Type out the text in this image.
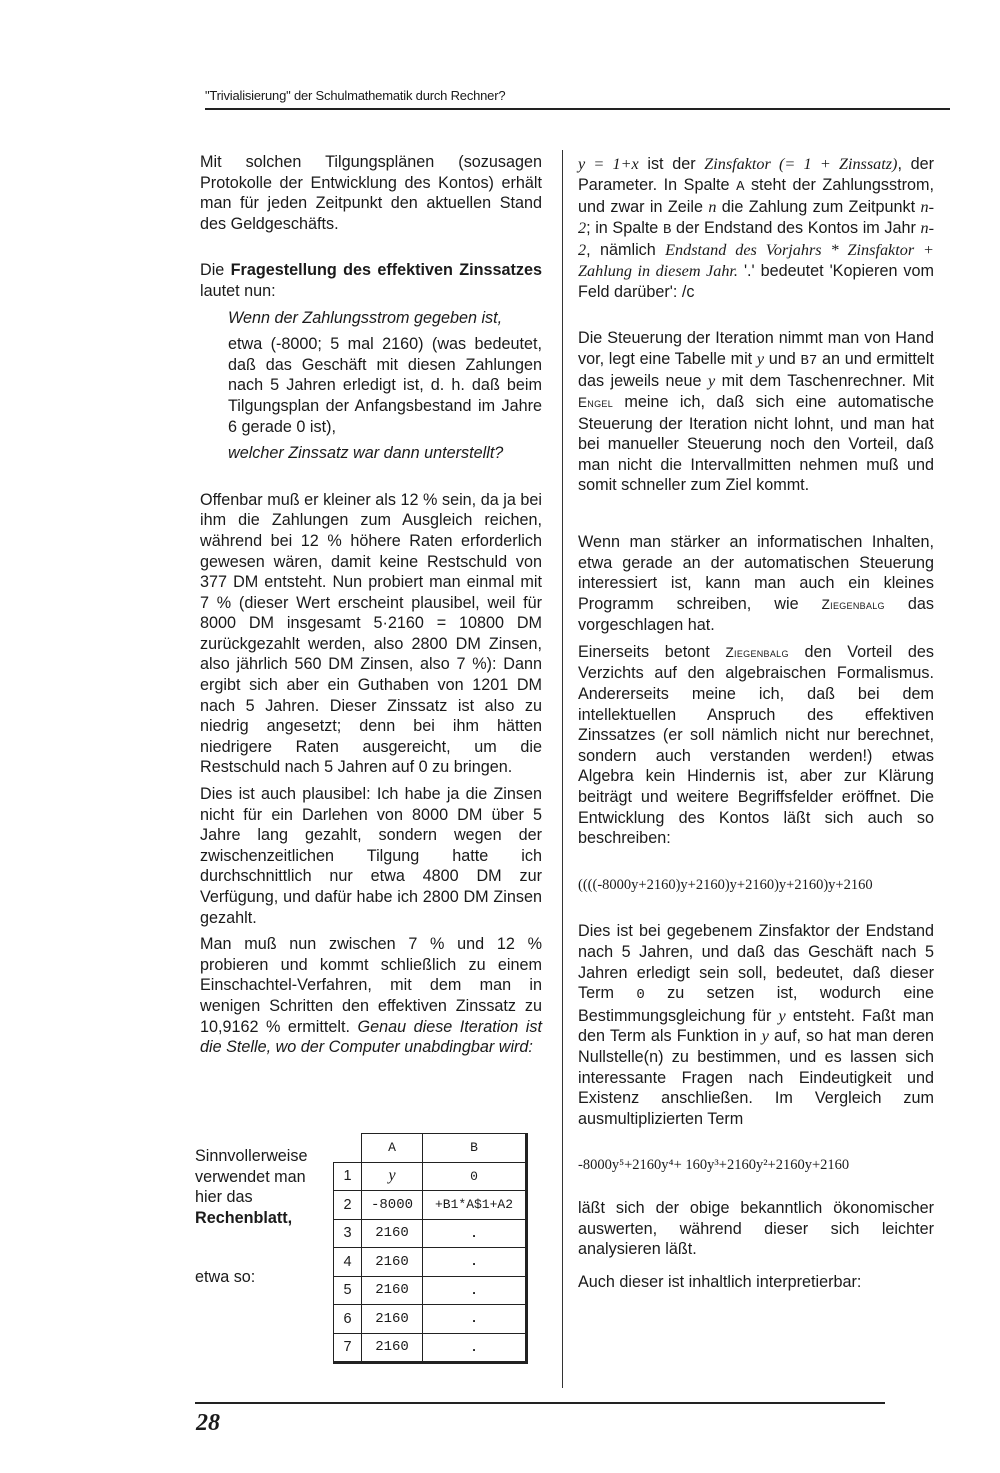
"Trivialisierung" der Schulmathematik durch Rechner?

Mit solchen Tilgungsplänen (sozusagen Protokolle der Entwicklung des Kontos) erhält man für jeden Zeitpunkt den aktuellen Stand des Geldgeschäfts.

Die Fragestellung des effektiven Zinssatzes lautet nun:

Wenn der Zahlungsstrom gegeben ist,

etwa (-8000; 5 mal 2160) (was bedeutet, daß das Geschäft mit diesen Zahlungen nach 5 Jahren erledigt ist, d. h. daß beim Tilgungsplan der Anfangsbestand im Jahre 6 gerade 0 ist),

welcher Zinssatz war dann unterstellt?

Offenbar muß er kleiner als 12 % sein, da ja bei ihm die Zahlungen zum Ausgleich reichen, während bei 12 % höhere Raten erforderlich gewesen wären, damit keine Restschuld von 377 DM entsteht. Nun probiert man einmal mit 7 % (dieser Wert erscheint plausibel, weil für 8000 DM insgesamt 5·2160 = 10800 DM zurückgezahlt werden, also 2800 DM Zinsen, also jährlich 560 DM Zinsen, also 7 %): Dann ergibt sich aber ein Guthaben von 1201 DM nach 5 Jahren. Dieser Zinssatz ist also zu niedrig angesetzt; denn bei ihm hätten niedrigere Raten ausgereicht, um die Restschuld nach 5 Jahren auf 0 zu bringen.

Dies ist auch plausibel: Ich habe ja die Zinsen nicht für ein Darlehen von 8000 DM über 5 Jahre lang gezahlt, sondern wegen der zwischenzeitlichen Tilgung hatte ich durchschnittlich nur etwa 4800 DM zur Verfügung, und dafür habe ich 2800 DM Zinsen gezahlt.

Man muß nun zwischen 7 % und 12 % probieren und kommt schließlich zu einem Einschachtel-Verfahren, mit dem man in wenigen Schritten den effektiven Zinssatz zu 10,9162 % ermittelt. Genau diese Iteration ist die Stelle, wo der Computer unabdingbar wird:

Sinnvollerweise verwendet man hier das Rechenblatt,
etwa so:
	A	B
1	y	0
2	-8000	+B1*A$1+A2
3	2160	.
4	2160	.
5	2160	.
6	2160	.
7	2160	.

y = 1+x ist der Zinsfaktor (= 1 + Zinssatz), der Parameter. In Spalte A steht der Zahlungsstrom, und zwar in Zeile n die Zahlung zum Zeitpunkt n-2; in Spalte B der Endstand des Kontos im Jahr n-2, nämlich Endstand des Vorjahrs * Zinsfaktor + Zahlung in diesem Jahr. '.' bedeutet 'Kopieren vom Feld darüber': /c

Die Steuerung der Iteration nimmt man von Hand vor, legt eine Tabelle mit y und B7 an und ermittelt das jeweils neue y mit dem Taschenrechner. Mit Engel meine ich, daß sich eine automatische Steuerung der Iteration nicht lohnt, und man hat bei manueller Steuerung noch den Vorteil, daß man nicht die Intervallmitten nehmen muß und somit schneller zum Ziel kommt.

Wenn man stärker an informatischen Inhalten, etwa gerade an der automatischen Steuerung interessiert ist, kann man auch ein kleines Programm schreiben, wie Ziegenbalg das vorgeschlagen hat.

Einerseits betont Ziegenbalg den Vorteil des Verzichts auf den algebraischen Formalismus. Andererseits meine ich, daß bei dem intellektuellen Anspruch des effektiven Zinssatzes (er soll nämlich nicht nur berechnet, sondern auch verstanden werden!) etwas Algebra kein Hindernis ist, aber zur Klärung beiträgt und weitere Begriffsfelder eröffnet. Die Entwicklung des Kontos läßt sich auch so beschreiben:

((((-8000y+2160)y+2160)y+2160)y+2160)y+2160

Dies ist bei gegebenem Zinsfaktor der Endstand nach 5 Jahren, und daß das Geschäft nach 5 Jahren erledigt sein soll, bedeutet, daß dieser Term 0 zu setzen ist, wodurch eine Bestimmungsgleichung für y entsteht. Faßt man den Term als Funktion in y auf, so hat man deren Nullstelle(n) zu bestimmen, und es lassen sich interessante Fragen nach Eindeutigkeit und Existenz anschließen. Im Vergleich zum ausmultiplizierten Term

-8000y⁵+2160y⁴+ 160y³+2160y²+2160y+2160

läßt sich der obige bekanntlich ökonomischer auswerten, während dieser sich leichter analysieren läßt.

Auch dieser ist inhaltlich interpretierbar:

28
